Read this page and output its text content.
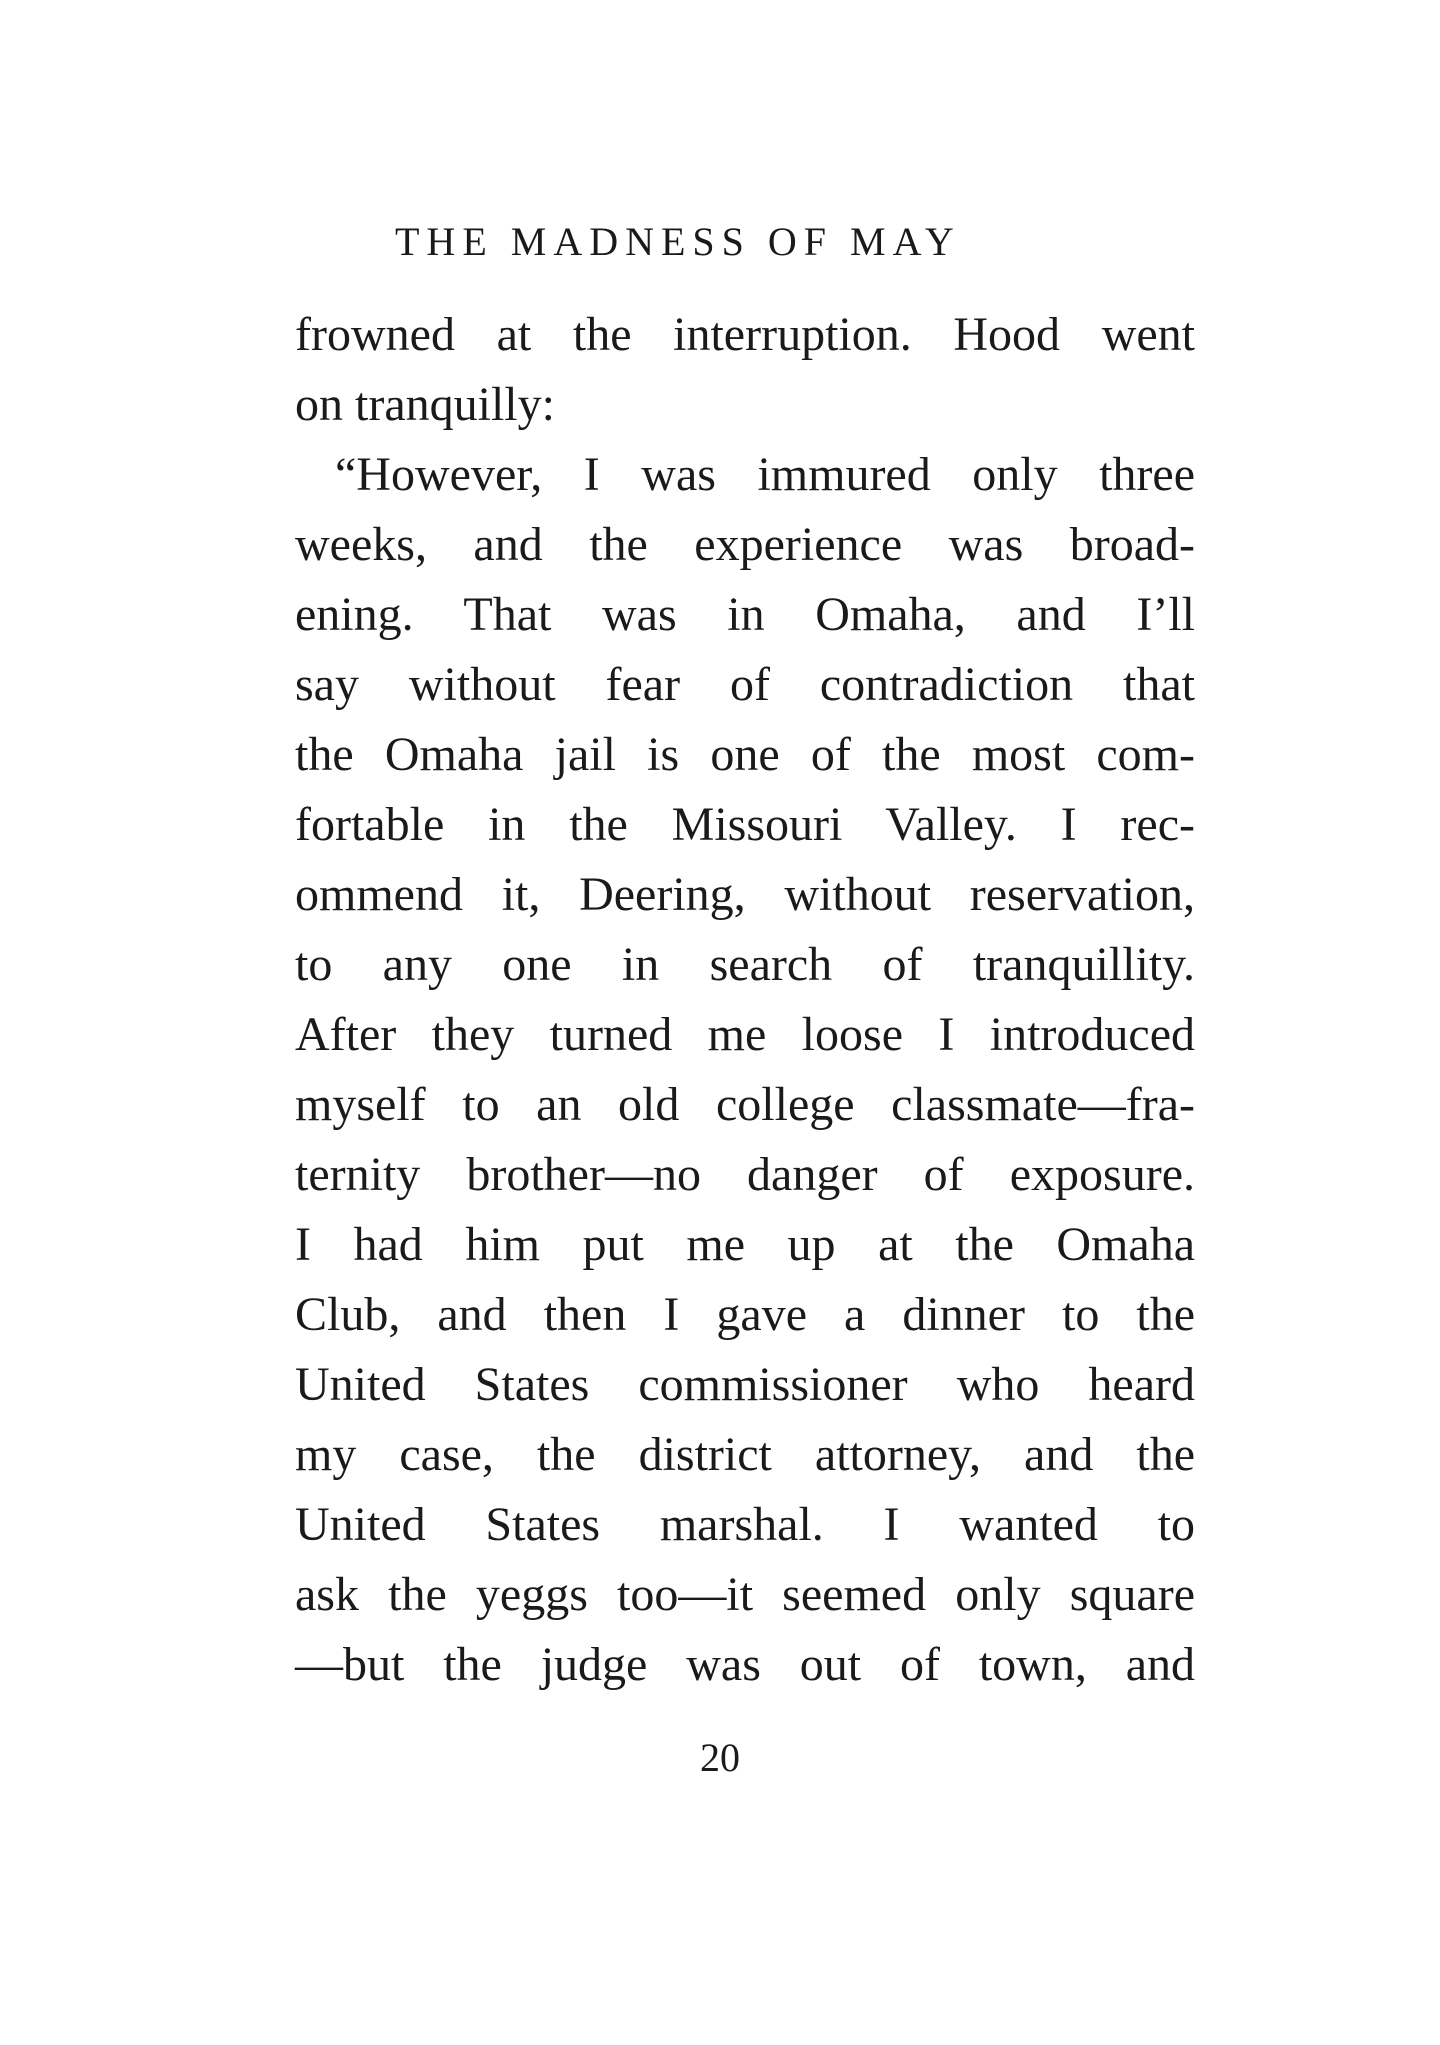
THE MADNESS OF MAY
frowned at the interruption. Hood went
on tranquilly:
“However, I was immured only three
weeks, and the experience was broad-
ening. That was in Omaha, and I’ll
say without fear of contradiction that
the Omaha jail is one of the most com-
fortable in the Missouri Valley. I rec-
ommend it, Deering, without reservation,
to any one in search of tranquillity.
After they turned me loose I introduced
myself to an old college classmate—fra-
ternity brother—no danger of exposure.
I had him put me up at the Omaha
Club, and then I gave a dinner to the
United States commissioner who heard
my case, the district attorney, and the
United States marshal. I wanted to
ask the yeggs too—it seemed only square
—but the judge was out of town, and
20
